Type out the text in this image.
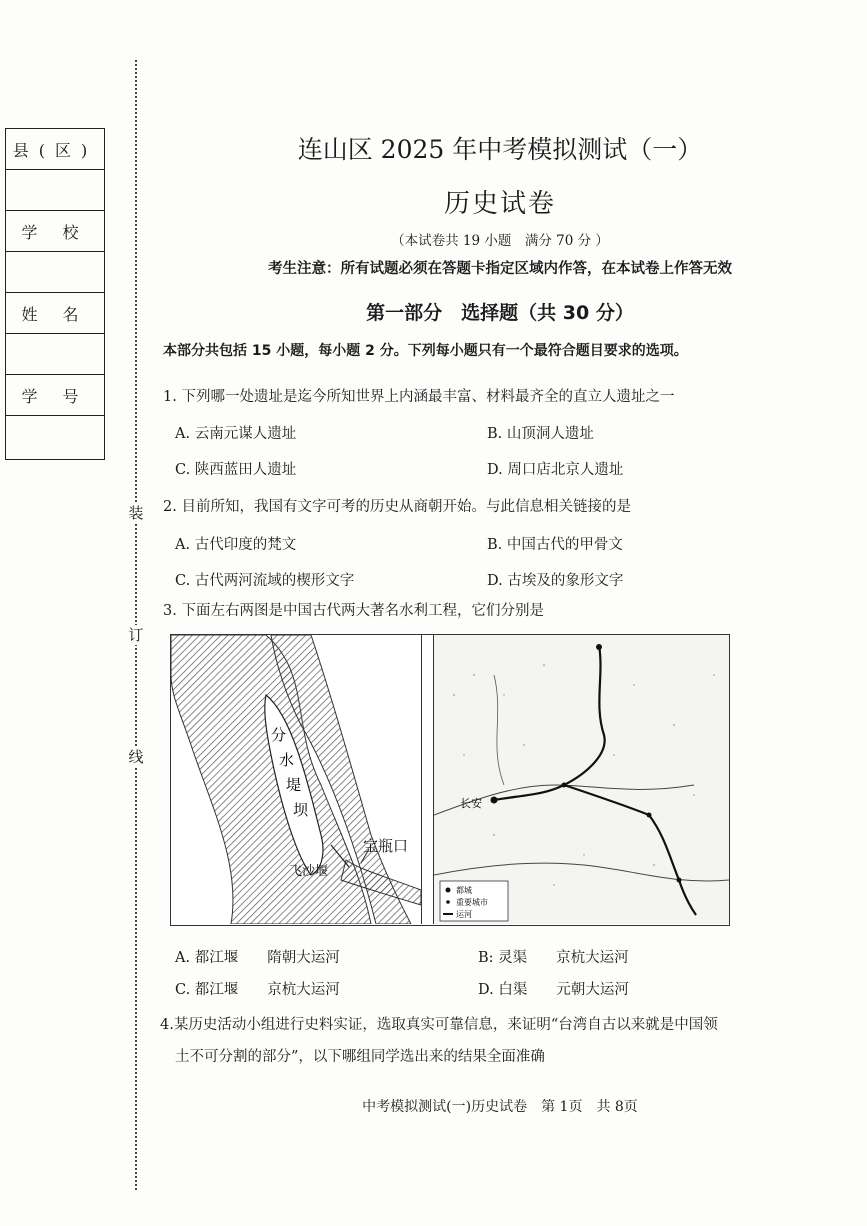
县(区)
学 校
姓 名
学 号
装
订
线
连山区 2025 年中考模拟测试（一）
历史试卷
（本试卷共 19 小题　满分 70 分 ）
考生注意：所有试题必须在答题卡指定区域内作答，在本试卷上作答无效
第一部分　选择题（共 30 分）
本部分共包括 15 小题，每小题 2 分。下列每小题只有一个最符合题目要求的选项。
1. 下列哪一处遗址是迄今所知世界上内涵最丰富、材料最齐全的直立人遗址之一
A. 云南元谋人遗址	B. 山顶洞人遗址
C. 陕西蓝田人遗址	D. 周口店北京人遗址
2. 目前所知，我国有文字可考的历史从商朝开始。与此信息相关链接的是
A. 古代印度的梵文	B. 中国古代的甲骨文
C. 古代两河流域的楔形文字	D. 古埃及的象形文字
3. 下面左右两图是中国古代两大著名水利工程，它们分别是
分
水
堤
坝
宝瓶口
飞沙堰
长安
都城
重要城市
运河
A. 都江堰　　隋朝大运河	B: 灵渠　　京杭大运河
C. 都江堰　　京杭大运河	D. 白渠　　元朝大运河
4.某历史活动小组进行史料实证，选取真实可靠信息，来证明“台湾自古以来就是中国领
土不可分割的部分”，以下哪组同学选出来的结果全面准确
中考模拟测试(一)历史试卷　第 1页　共 8页
